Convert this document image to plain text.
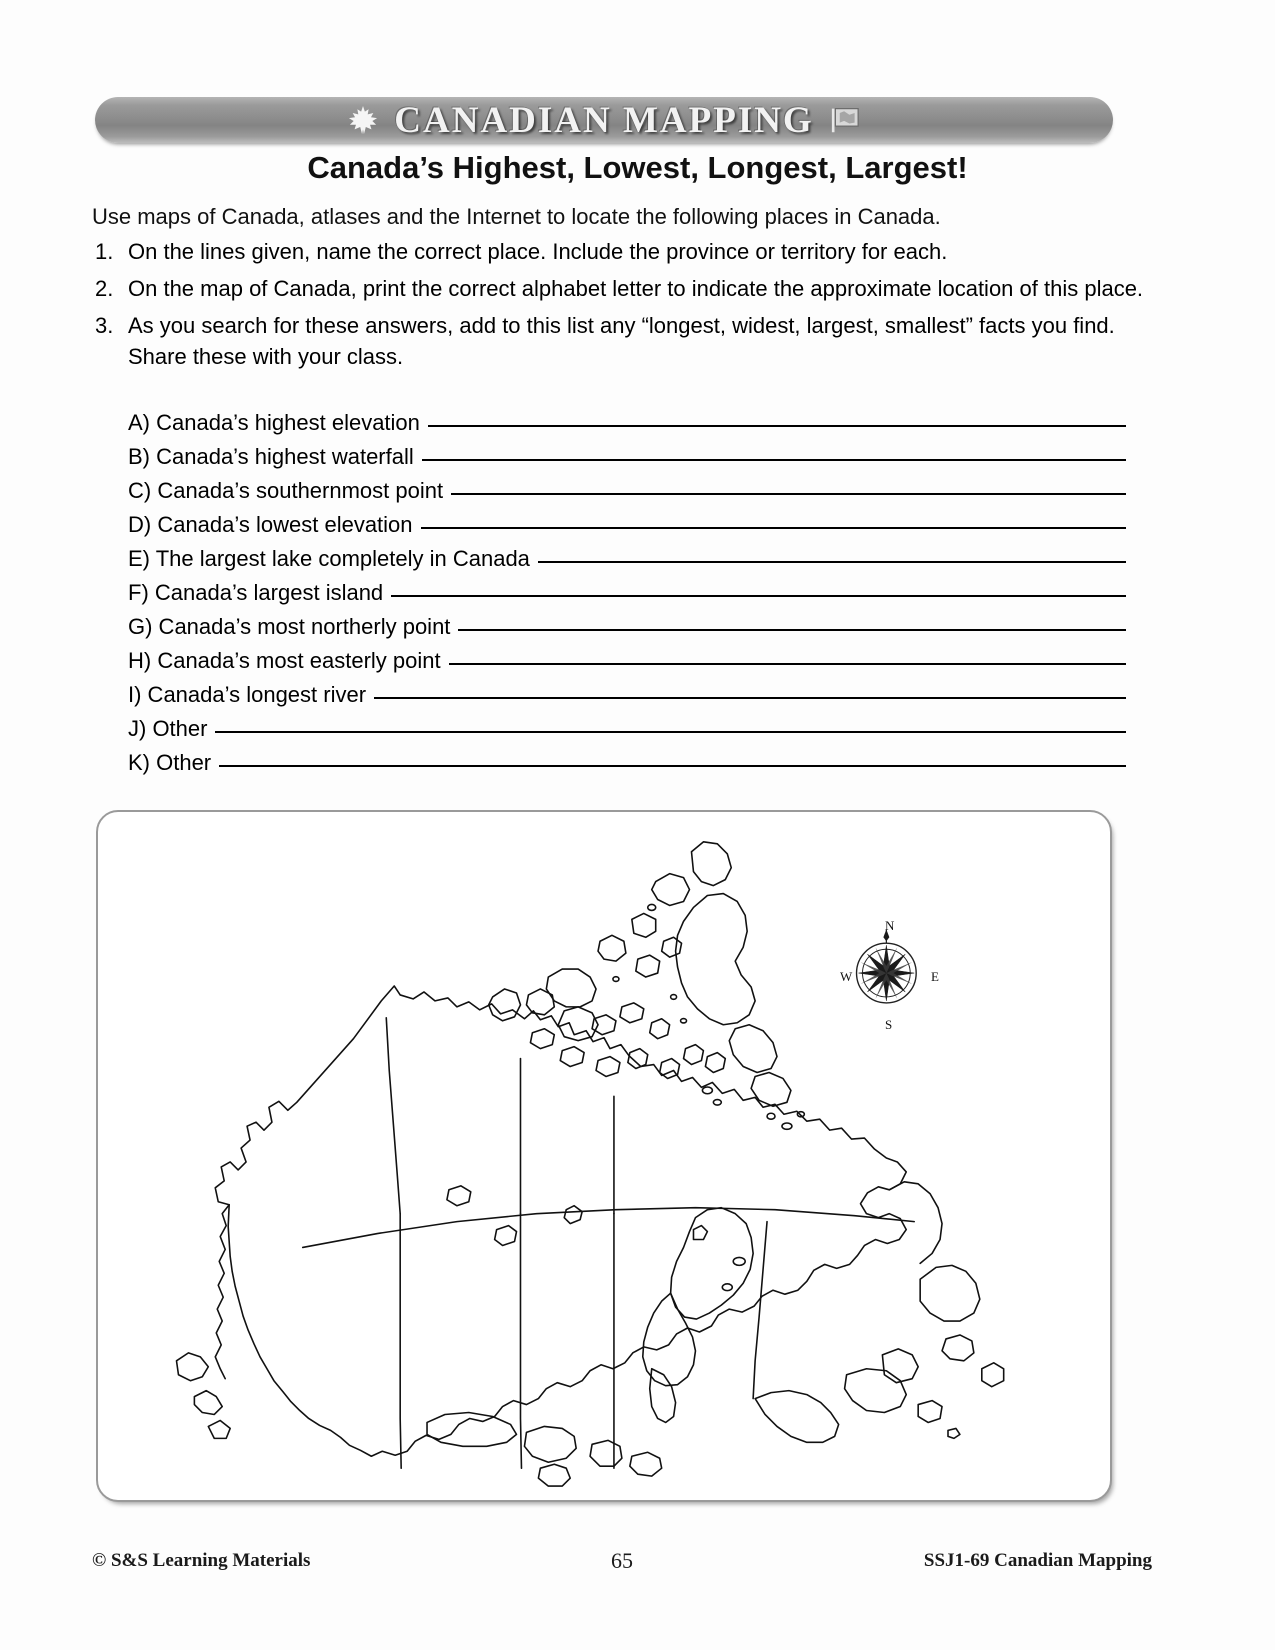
CANADIAN MAPPING
Canada’s Highest, Lowest, Longest, Largest!
Use maps of Canada, atlases and the Internet to locate the following places in Canada.
1. On the lines given, name the correct place. Include the province or territory for each.
2. On the map of Canada, print the correct alphabet letter to indicate the approximate location of this place.
3. As you search for these answers, add to this list any “longest, widest, largest, smallest” facts you find. Share these with your class.
A) Canada’s highest elevation
B) Canada’s highest waterfall
C) Canada’s southernmost point
D) Canada’s lowest elevation
E) The largest lake completely in Canada
F) Canada’s largest island
G) Canada’s most northerly point
H) Canada’s most easterly point
I) Canada’s longest river
J) Other
K) Other
N
E
S
W
© S&S Learning Materials	65	SSJ1-69 Canadian Mapping
